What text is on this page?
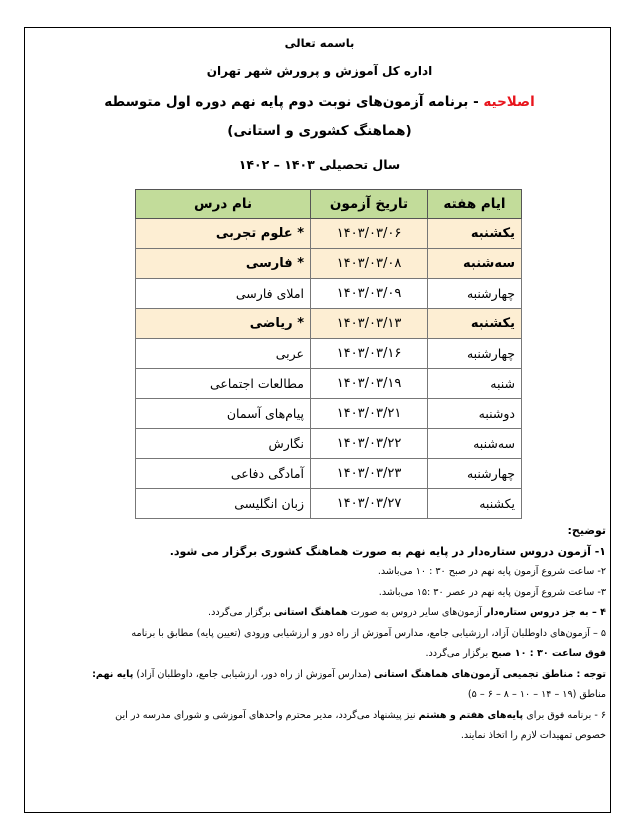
باسمه تعالی
اداره کل آموزش و پرورش شهر تهران
اصلاحیه - برنامه آزمون‌های نوبت دوم پایه نهم دوره اول متوسطه
(هماهنگ کشوری و استانی)
سال تحصیلی ۱۴۰۳ – ۱۴۰۲
ایام هفته	تاریخ آزمون	نام درس
یکشنبه	۱۴۰۳/۰۳/۰۶	* علوم تجربی
سه‌شنبه	۱۴۰۳/۰۳/۰۸	* فارسی
چهارشنبه	۱۴۰۳/۰۳/۰۹	املای فارسی
یکشنبه	۱۴۰۳/۰۳/۱۳	* ریاضی
چهارشنبه	۱۴۰۳/۰۳/۱۶	عربی
شنبه	۱۴۰۳/۰۳/۱۹	مطالعات اجتماعی
دوشنبه	۱۴۰۳/۰۳/۲۱	پیام‌های آسمان
سه‌شنبه	۱۴۰۳/۰۳/۲۲	نگارش
چهارشنبه	۱۴۰۳/۰۳/۲۳	آمادگی دفاعی
یکشنبه	۱۴۰۳/۰۳/۲۷	زبان انگلیسی

توضیح:

۱- آزمون دروس ستاره‌دار در پایه نهم به صورت هماهنگ کشوری برگزار می شود.

۲- ساعت شروع آزمون پایه نهم در صبح ۳۰ : ۱۰ می‌باشد.

۳- ساعت شروع آزمون پایه نهم در عصر ۳۰ :۱۵ می‌باشد.

۴ – به جز دروس ستاره‌دار آزمون‌های سایر دروس به صورت هماهنگ استانی برگزار می‌گردد.

۵ – آزمون‌های داوطلبان آزاد، ارزشیابی جامع، مدارس آموزش از راه دور و ارزشیابی ورودی (تعیین پایه) مطابق با برنامه

فوق ساعت ۳۰ : ۱۰ صبح برگزار می‌گردد.

توجه : مناطق تجمیعی آزمون‌های هماهنگ استانی (مدارس آموزش از راه دور، ارزشیابی جامع، داوطلبان آزاد) پایه نهم:

مناطق (۱۹ – ۱۴ – ۱۰ – ۸ – ۶ – ۵)

۶ - برنامه فوق برای پایه‌های هفتم و هشتم نیز پیشنهاد می‌گردد، مدیر محترم واحدهای آموزشی و شورای مدرسه در این

خصوص تمهیدات لازم را اتخاذ نمایند.
